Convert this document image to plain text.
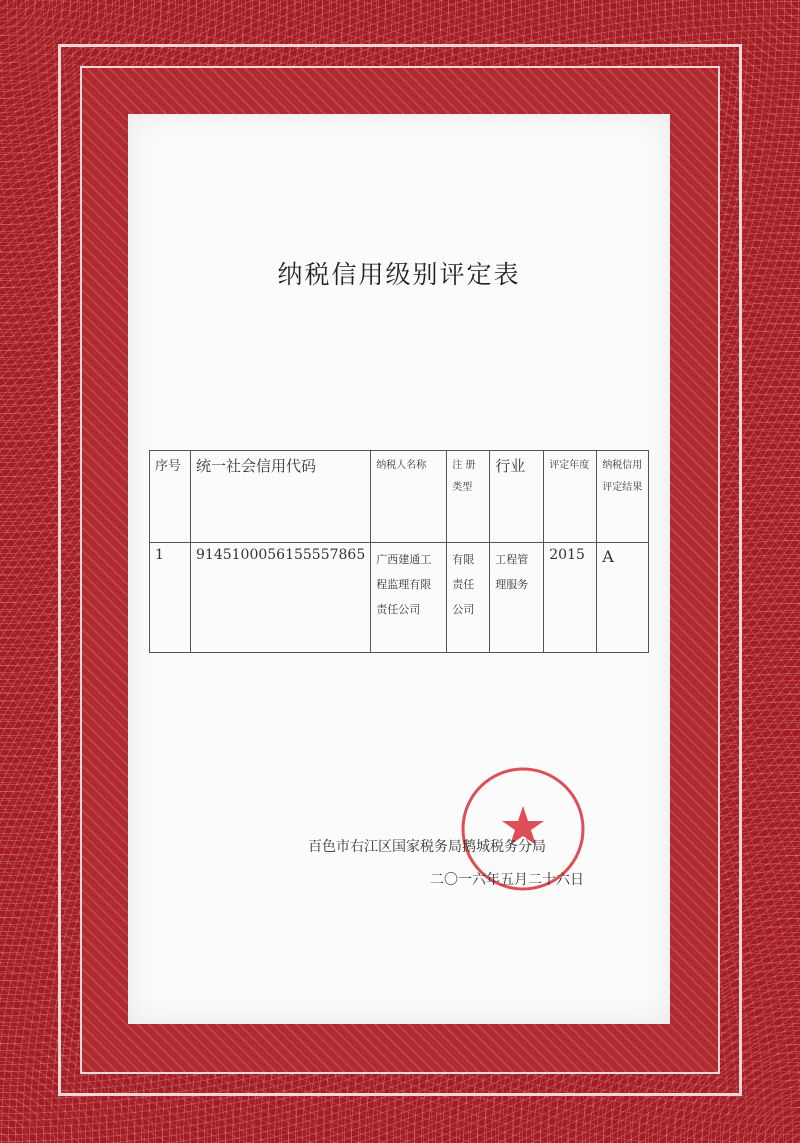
纳税信用级别评定表
序号	统一社会信用代码	纳税人名称	注 册 类型	行业	评定年度	纳税信用评定结果
1	9145100056155557865	广西建通工程监理有限责任公司	有限责任公司	工程管理服务	2015	A
百色市右江区国家税务局鹅城税务分局
二〇一六年五月二十六日
